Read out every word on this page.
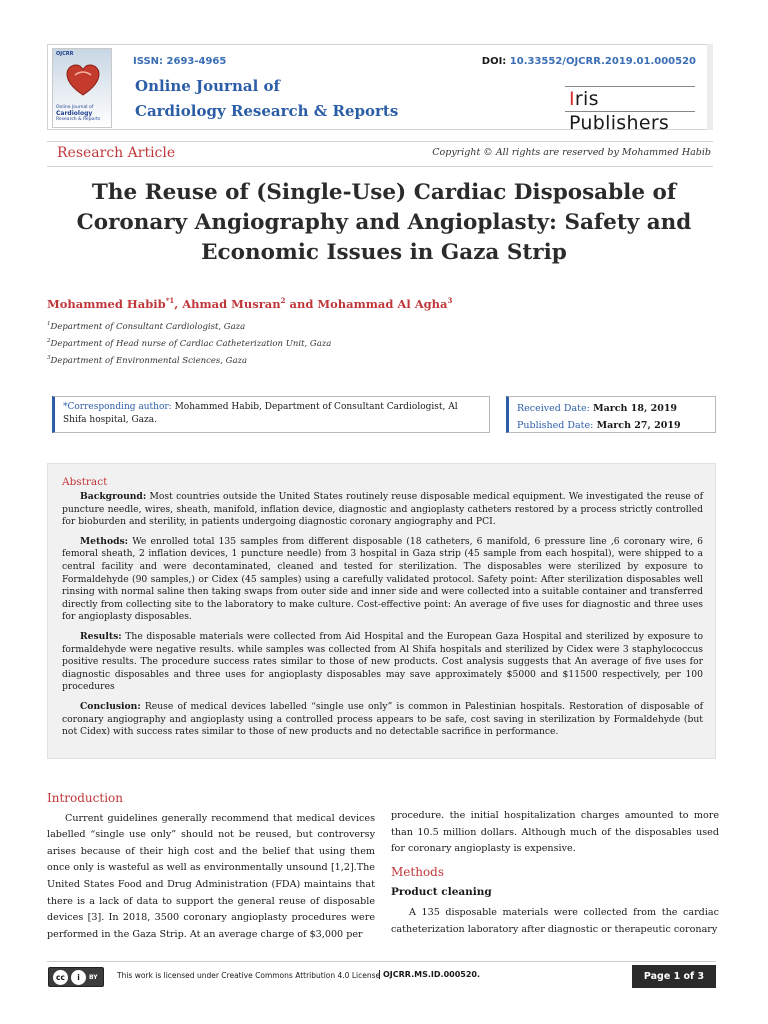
OJCRR
Online Journal of
Cardiology
Research & Reports
ISSN: 2693-4965	DOI: 10.33552/OJCRR.2019.01.000520
Online Journal of
Cardiology Research & Reports
Iris Publishers
Research Article	Copyright © All rights are reserved by Mohammed Habib
The Reuse of (Single-Use) Cardiac Disposable of Coronary Angiography and Angioplasty: Safety and Economic Issues in Gaza Strip
Mohammed Habib$^{*1}$, Ahmad Musran$^2$ and Mohammad Al Agha$^3$
$^1$Department of Consultant Cardiologist, Gaza
$^2$Department of Head nurse of Cardiac Catheterization Unit, Gaza
$^3$Department of Environmental Sciences, Gaza
*Corresponding author: Mohammed Habib, Department of Consultant Cardiologist, Al Shifa hospital, Gaza.
Received Date: March 18, 2019
Published Date: March 27, 2019
Abstract

Background: Most countries outside the United States routinely reuse disposable medical equipment. We investigated the reuse of puncture needle, wires, sheath, manifold, inflation device, diagnostic and angioplasty catheters restored by a process strictly controlled for bioburden and sterility, in patients undergoing diagnostic coronary angiography and PCI.

Methods: We enrolled total 135 samples from different disposable (18 catheters, 6 manifold, 6 pressure line ,6 coronary wire, 6 femoral sheath, 2 inflation devices, 1 puncture needle) from 3 hospital in Gaza strip (45 sample from each hospital), were shipped to a central facility and were decontaminated, cleaned and tested for sterilization. The disposables were sterilized by exposure to Formaldehyde (90 samples,) or Cidex (45 samples) using a carefully validated protocol. Safety point: After sterilization disposables well rinsing with normal saline then taking swaps from outer side and inner side and were collected into a suitable container and transferred directly from collecting site to the laboratory to make culture. Cost-effective point: An average of five uses for diagnostic and three uses for angioplasty disposables.

Results: The disposable materials were collected from Aid Hospital and the European Gaza Hospital and sterilized by exposure to formaldehyde were negative results. while samples was collected from Al Shifa hospitals and sterilized by Cidex were 3 staphylococcus positive results. The procedure success rates similar to those of new products. Cost analysis suggests that An average of five uses for diagnostic disposables and three uses for angioplasty disposables may save approximately $5000 and $11500 respectively, per 100 procedures

Conclusion: Reuse of medical devices labelled “single use only” is common in Palestinian hospitals. Restoration of disposable of coronary angiography and angioplasty using a controlled process appears to be safe, cost saving in sterilization by Formaldehyde (but not Cidex) with success rates similar to those of new products and no detectable sacrifice in performance.

Introduction

Current guidelines generally recommend that medical devices labelled “single use only” should not be reused, but controversy arises because of their high cost and the belief that using them once only is wasteful as well as environmentally unsound [1,2].The United States Food and Drug Administration (FDA) maintains that there is a lack of data to support the general reuse of disposable devices [3]. In 2018, 3500 coronary angioplasty procedures were performed in the Gaza Strip. At an average charge of $3,000 per

procedure. the initial hospitalization charges amounted to more than 10.5 million dollars. Although much of the disposables used for coronary angioplasty is expensive.

Methods
Product cleaning

A 135 disposable materials were collected from the cardiac catheterization laboratory after diagnostic or therapeutic coronary

cc	i	BY	This work is licensed under Creative Commons Attribution 4.0 License OJCRR.MS.ID.000520.	Page 1 of 3
